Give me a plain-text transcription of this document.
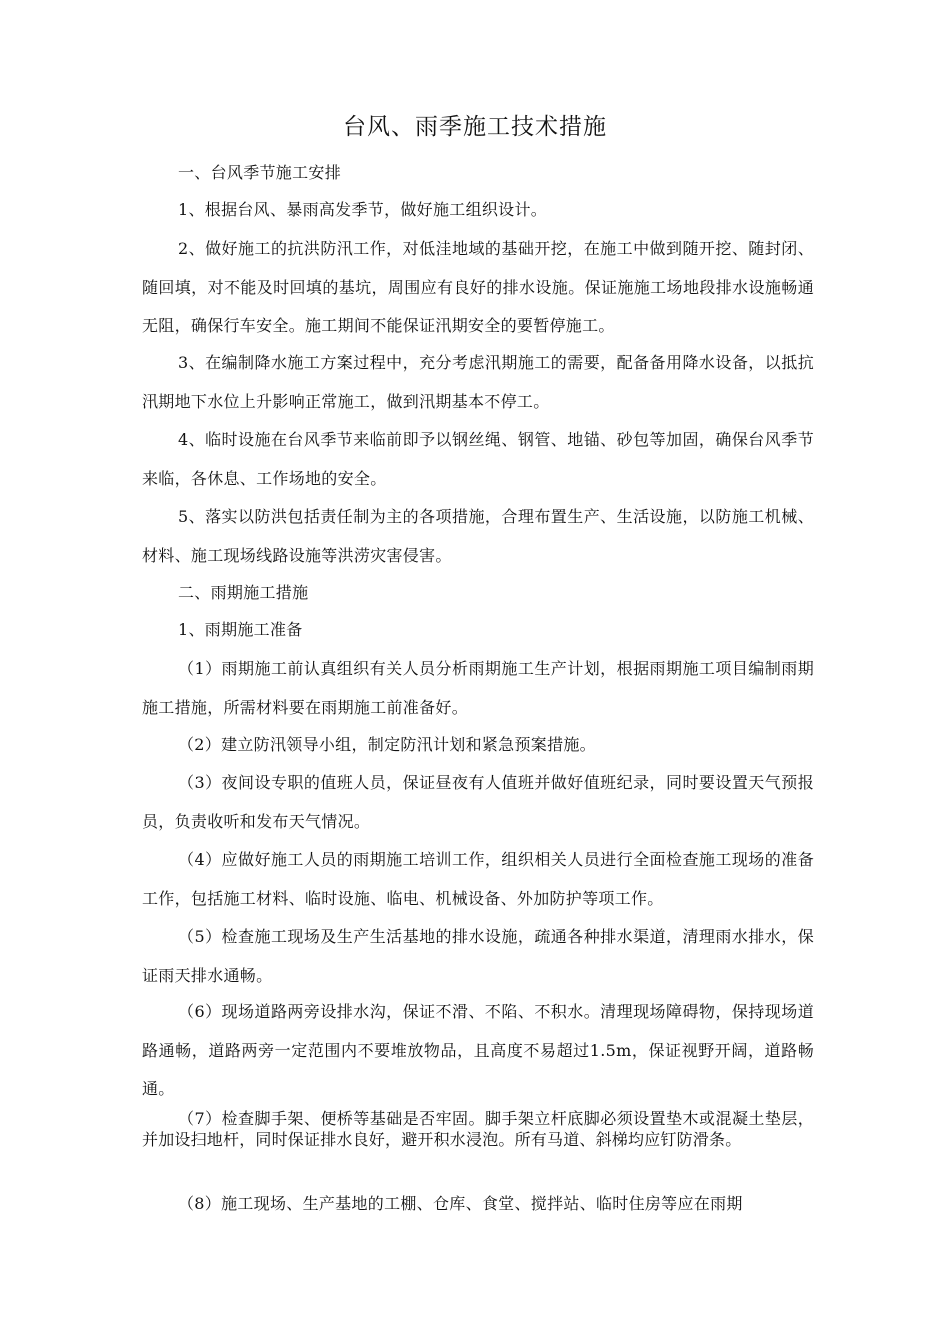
台风、雨季施工技术措施

一、台风季节施工安排

1、根据台风、暴雨高发季节，做好施工组织设计。

2、做好施工的抗洪防汛工作，对低洼地域的基础开挖，在施工中做到随开挖、随封闭、随回填，对不能及时回填的基坑，周围应有良好的排水设施。保证施施工场地段排水设施畅通无阻，确保行车安全。施工期间不能保证汛期安全的要暂停施工。

3、在编制降水施工方案过程中，充分考虑汛期施工的需要，配备备用降水设备，以抵抗汛期地下水位上升影响正常施工，做到汛期基本不停工。

4、临时设施在台风季节来临前即予以钢丝绳、钢管、地锚、砂包等加固，确保台风季节来临，各休息、工作场地的安全。

5、落实以防洪包括责任制为主的各项措施，合理布置生产、生活设施，以防施工机械、材料、施工现场线路设施等洪涝灾害侵害。

二、雨期施工措施

1、雨期施工准备

（1）雨期施工前认真组织有关人员分析雨期施工生产计划，根据雨期施工项目编制雨期施工措施，所需材料要在雨期施工前准备好。

（2）建立防汛领导小组，制定防汛计划和紧急预案措施。

（3）夜间设专职的值班人员，保证昼夜有人值班并做好值班纪录，同时要设置天气预报员，负责收听和发布天气情况。

（4）应做好施工人员的雨期施工培训工作，组织相关人员进行全面检查施工现场的准备工作，包括施工材料、临时设施、临电、机械设备、外加防护等项工作。

（5）检查施工现场及生产生活基地的排水设施，疏通各种排水渠道，清理雨水排水，保证雨天排水通畅。

（6）现场道路两旁设排水沟，保证不滑、不陷、不积水。清理现场障碍物，保持现场道路通畅，道路两旁一定范围内不要堆放物品，且高度不易超过1.5m，保证视野开阔，道路畅通。

（7）检查脚手架、便桥等基础是否牢固。脚手架立杆底脚必须设置垫木或混凝土垫层，并加设扫地杆，同时保证排水良好，避开积水浸泡。所有马道、斜梯均应钉防滑条。

（8）施工现场、生产基地的工棚、仓库、食堂、搅拌站、临时住房等应在雨期
